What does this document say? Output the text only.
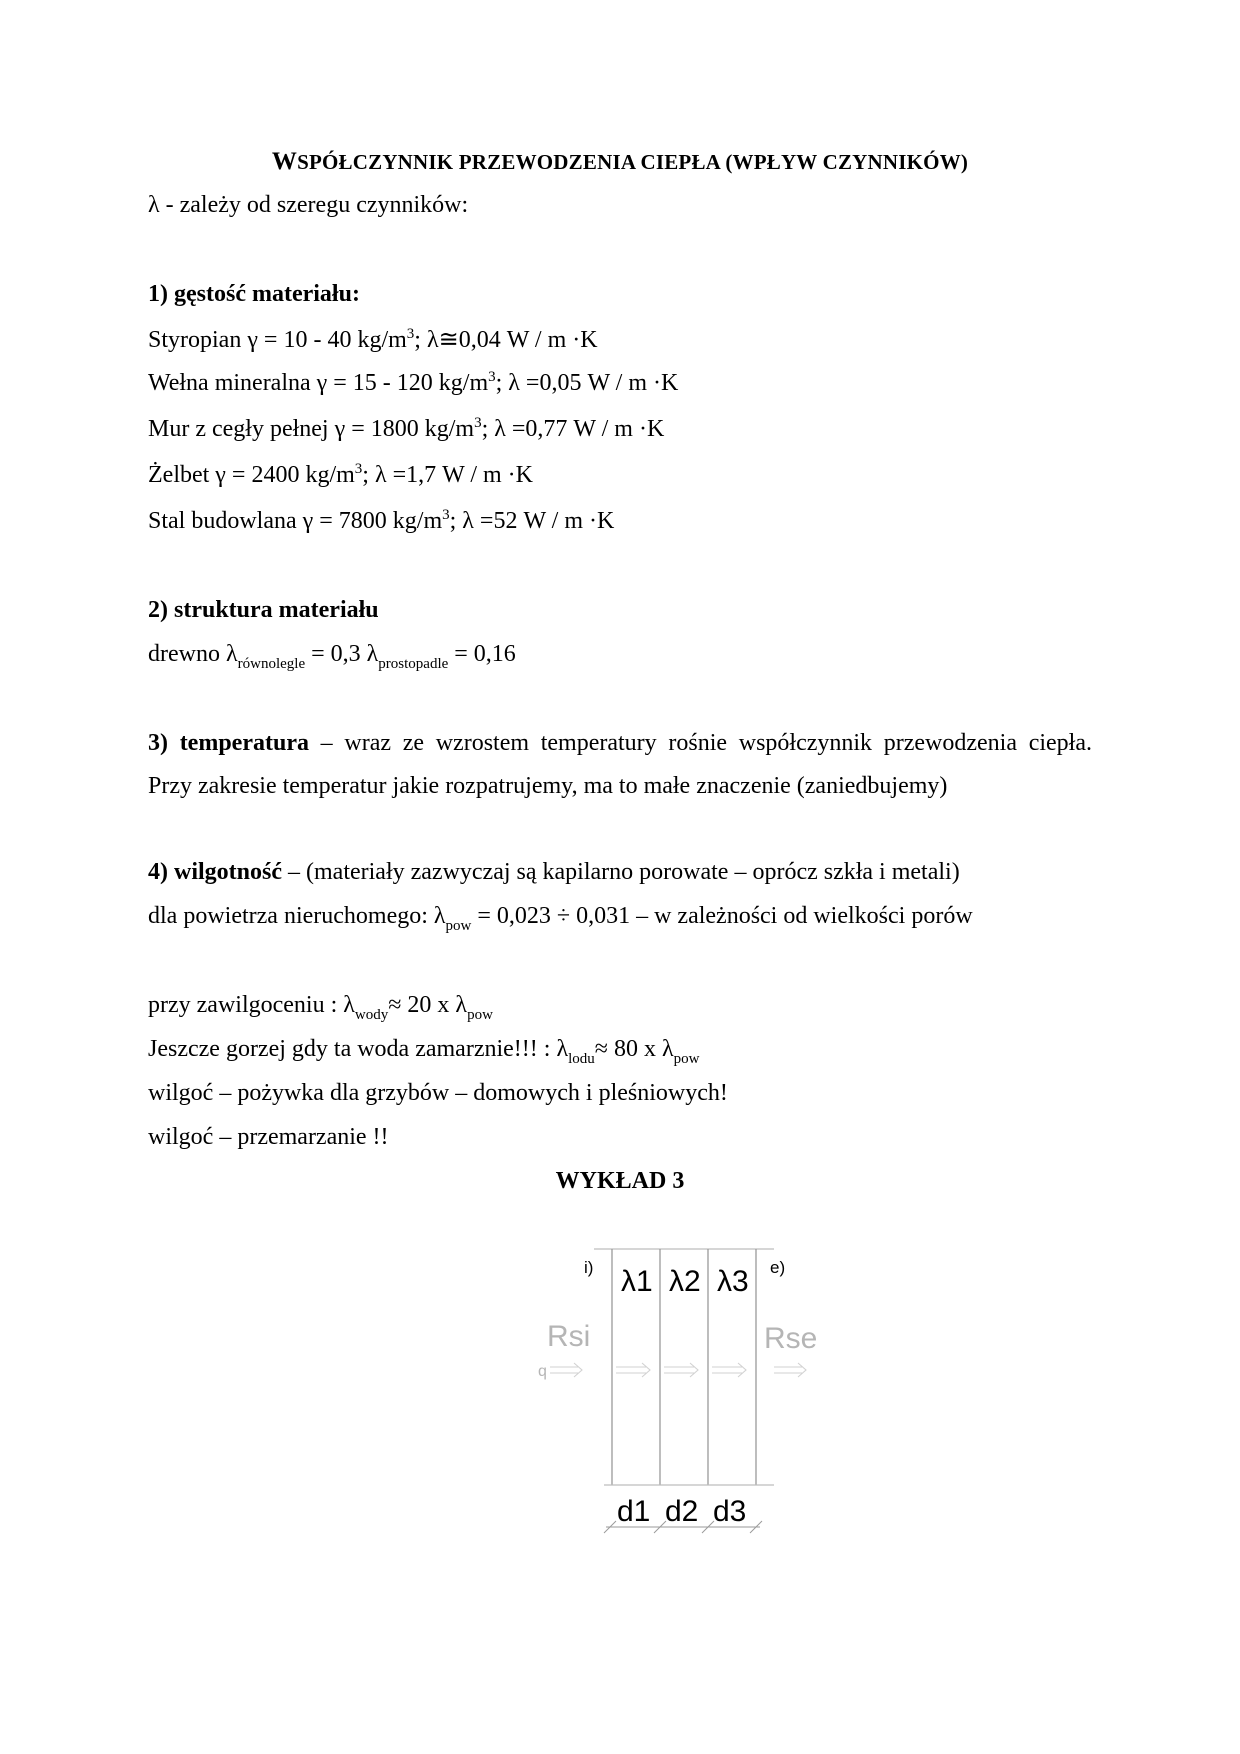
WSPÓŁCZYNNIK PRZEWODZENIA CIEPŁA (WPŁYW CZYNNIKÓW)
λ - zależy od szeregu czynników:
1) gęstość materiału:
Styropian γ = 10 - 40 $kg/m^3$; λ≅0,04 W / m ·K
Wełna mineralna γ = 15 - 120 $kg/m^3$; λ =0,05 W / m ·K
Mur z cegły pełnej γ = 1800 $kg/m^3$; λ =0,77 W / m ·K
Żelbet γ = 2400 $kg/m^3$; λ =1,7 W / m ·K
Stal budowlana γ = 7800 $kg/m^3$; λ =52 W / m ·K
2) struktura materiału
drewno $\lambda_{równolegle} = 0,3$ $\lambda_{prostopadle} = 0,16$
3) temperatura – wraz ze wzrostem temperatury rośnie współczynnik przewodzenia ciepła.
Przy zakresie temperatur jakie rozpatrujemy, ma to małe znaczenie (zaniedbujemy)
4) wilgotność – (materiały zazwyczaj są kapilarno porowate – oprócz szkła i metali)
dla powietrza nieruchomego: $\lambda_{pow} = 0,023 \div 0,031 - w$ zależności od wielkości porów
przy zawilgoceniu : $\lambda_{wody}\approx 20$ x $\lambda_{pow}$
Jeszcze gorzej gdy ta woda zamarznie!!! : $\lambda_{lodu}\approx 80$ x $\lambda_{pow}$
wilgoć – pożywka dla grzybów – domowych i pleśniowych!
wilgoć – przemarzanie !!
WYKŁAD 3
i)	e)
λ1 λ2 λ3
Rsi	Rse
q
d1 d2 d3
